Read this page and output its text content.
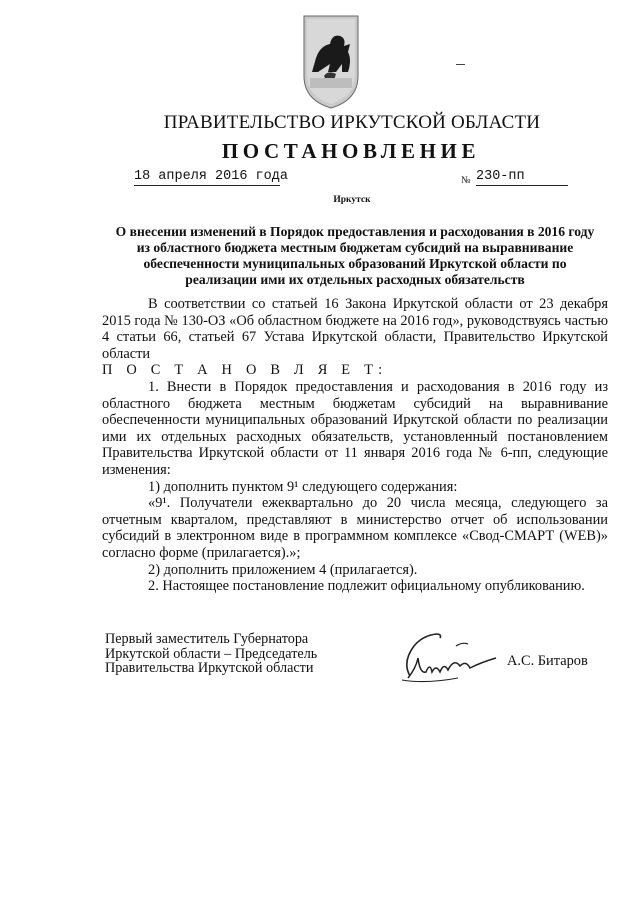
ПРАВИТЕЛЬСТВО ИРКУТСКОЙ ОБЛАСТИ
ПОСТАНОВЛЕНИЕ
18 апреля 2016 года	№ 230-пп
Иркутск
О внесении изменений в Порядок предоставления и расходования в 2016 году из областного бюджета местным бюджетам субсидий на выравнивание обеспеченности муниципальных образований Иркутской области по реализации ими их отдельных расходных обязательств

В соответствии со статьей 16 Закона Иркутской области от 23 декабря 2015 года № 130-ОЗ «Об областном бюджете на 2016 год», руководствуясь частью 4 статьи 66, статьей 67 Устава Иркутской области, Правительство Иркутской области

П О С Т А Н О В Л Я Е Т:

1. Внести в Порядок предоставления и расходования в 2016 году из областного бюджета местным бюджетам субсидий на выравнивание обеспеченности муниципальных образований Иркутской области по реализации ими их отдельных расходных обязательств, установленный постановлением Правительства Иркутской области от 11 января 2016 года № 6-пп, следующие изменения:

1) дополнить пунктом 9¹ следующего содержания:

«9¹. Получатели ежеквартально до 20 числа месяца, следующего за отчетным кварталом, представляют в министерство отчет об использовании субсидий в электронном виде в программном комплексе «Свод-СМАРТ (WEB)» согласно форме (прилагается).»;

2) дополнить приложением 4 (прилагается).

2. Настоящее постановление подлежит официальному опубликованию.

Первый заместитель Губернатора
Иркутской области – Председатель
Правительства Иркутской области	А.С. Битаров
